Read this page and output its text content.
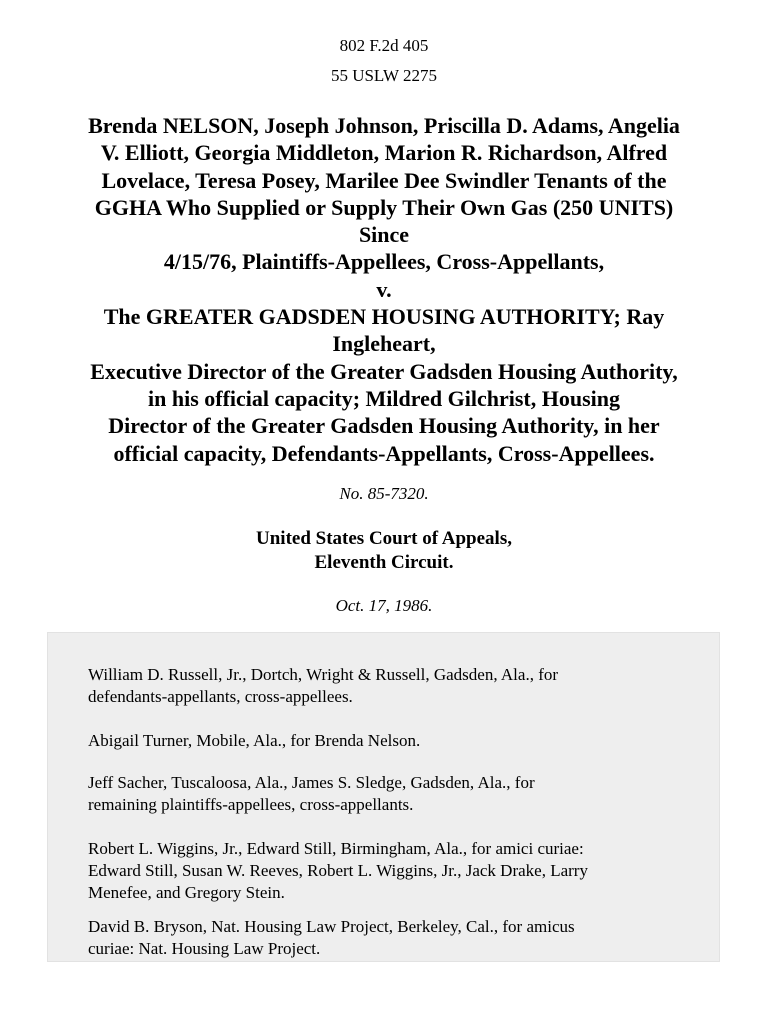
802 F.2d 405
55 USLW 2275
Brenda NELSON, Joseph Johnson, Priscilla D. Adams, Angelia
V. Elliott, Georgia Middleton, Marion R. Richardson, Alfred
Lovelace, Teresa Posey, Marilee Dee Swindler Tenants of the
GGHA Who Supplied or Supply Their Own Gas (250 UNITS)
Since
4/15/76, Plaintiffs-Appellees, Cross-Appellants,
v.
The GREATER GADSDEN HOUSING AUTHORITY; Ray
Ingleheart,
Executive Director of the Greater Gadsden Housing Authority,
in his official capacity; Mildred Gilchrist, Housing
Director of the Greater Gadsden Housing Authority, in her
official capacity, Defendants-Appellants, Cross-Appellees.
No. 85-7320.
United States Court of Appeals,
Eleventh Circuit.
Oct. 17, 1986.
William D. Russell, Jr., Dortch, Wright & Russell, Gadsden, Ala., for
defendants-appellants, cross-appellees.
Abigail Turner, Mobile, Ala., for Brenda Nelson.
Jeff Sacher, Tuscaloosa, Ala., James S. Sledge, Gadsden, Ala., for
remaining plaintiffs-appellees, cross-appellants.
Robert L. Wiggins, Jr., Edward Still, Birmingham, Ala., for amici curiae:
Edward Still, Susan W. Reeves, Robert L. Wiggins, Jr., Jack Drake, Larry
Menefee, and Gregory Stein.
David B. Bryson, Nat. Housing Law Project, Berkeley, Cal., for amicus
curiae: Nat. Housing Law Project.
